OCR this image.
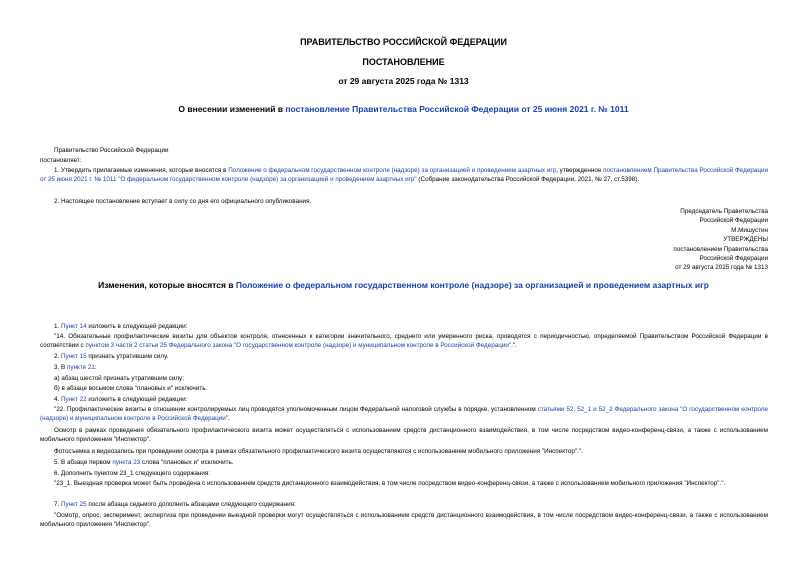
ПРАВИТЕЛЬСТВО РОССИЙСКОЙ ФЕДЕРАЦИИ
ПОСТАНОВЛЕНИЕ
от 29 августа 2025 года № 1313
О внесении изменений в постановление Правительства Российской Федерации от 25 июня 2021 г. № 1011
Правительство Российской Федерации
постановляет:
1. Утвердить прилагаемые изменения, которые вносятся в Положение о федеральном государственном контроле (надзоре) за организацией и проведением азартных игр, утвержденное постановлением Правительства Российской Федерации от 25 июня 2021 г. № 1011 "О федеральном государственном контроле (надзоре) за организацией и проведением азартных игр" (Собрание законодательства Российской Федерации, 2021, № 27, ст.5398).
2. Настоящее постановление вступает в силу со дня его официального опубликования.
Председатель Правительства
Российской Федерации
М.Мишустин
УТВЕРЖДЕНЫ
постановлением Правительства
Российской Федерации
от 29 августа 2025 года № 1313
Изменения, которые вносятся в Положение о федеральном государственном контроле (надзоре) за организацией и проведением азартных игр
1. Пункт 14 изложить в следующей редакции:
"14. Обязательные профилактические визиты для объектов контроля, отнесенных к категории значительного, среднего или умеренного риска, проводятся с периодичностью, определяемой Правительством Российской Федерации в соответствии с пунктом 3 части 2 статьи 25 Федерального закона "О государственном контроле (надзоре) и муниципальном контроле в Российской Федерации".".
2. Пункт 15 признать утратившим силу.
3. В пункте 21:
а) абзац шестой признать утратившим силу;
б) в абзаце восьмом слова "плановых и" исключить.
4. Пункт 22 изложить в следующей редакции:
"22. Профилактические визиты в отношении контролируемых лиц проводятся уполномоченным лицом Федеральной налоговой службы в порядке, установленном статьями 52, 52_1 и 52_2 Федерального закона "О государственном контроле (надзоре) и муниципальном контроле в Российской Федерации".
Осмотр в рамках проведения обязательного профилактического визита может осуществляться с использованием средств дистанционного взаимодействия, в том числе посредством видео-конференц-связи, а также с использованием мобильного приложения "Инспектор".
Фотосъемка и видеозапись при проведении осмотра в рамках обязательного профилактического визита осуществляются с использованием мобильного приложения "Инспектор".".
5. В абзаце первом пункта 23 слова "плановых и" исключить.
6. Дополнить пунктом 23_1 следующего содержания:
"23_1. Выездная проверка может быть проведена с использованием средств дистанционного взаимодействия, в том числе посредством видео-конференц-связи, а также с использованием мобильного приложения "Инспектор".".
7. Пункт 25 после абзаца седьмого дополнить абзацами следующего содержания:
"Осмотр, опрос, эксперимент, экспертиза при проведении выездной проверки могут осуществляться с использованием средств дистанционного взаимодействия, в том числе посредством видео-конференц-связи, а также с использованием мобильного приложения "Инспектор".
